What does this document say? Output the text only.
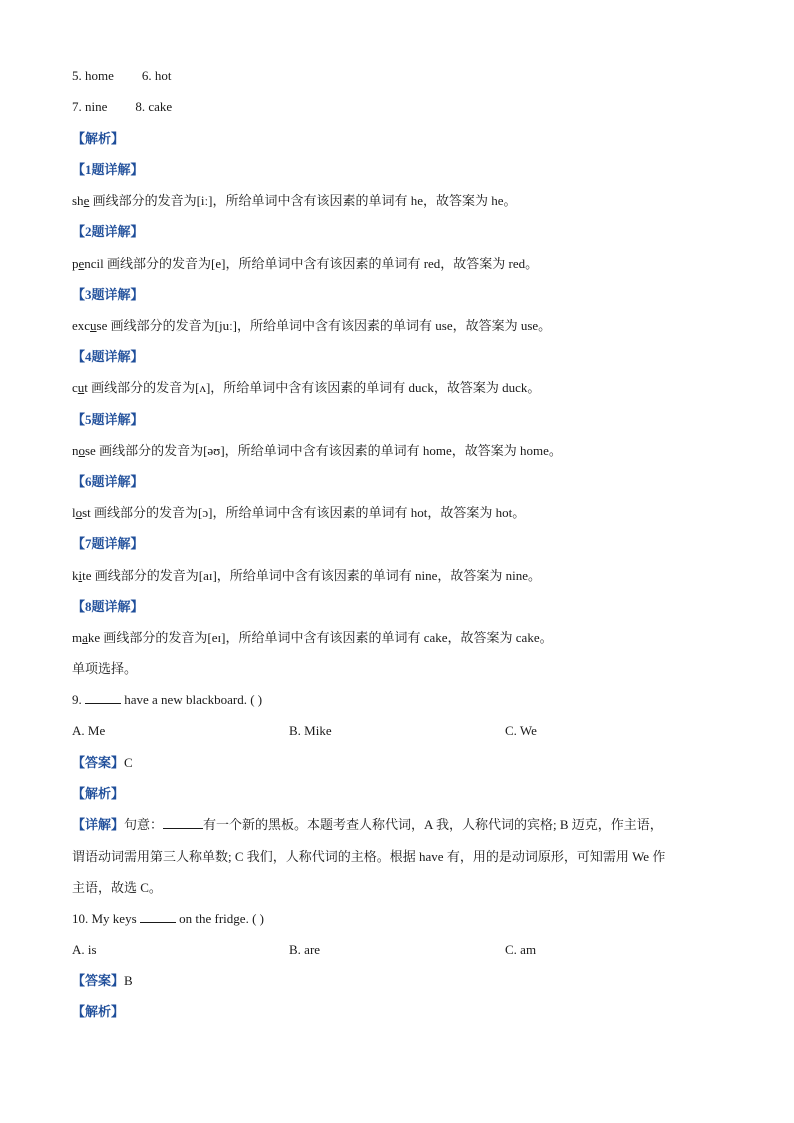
5. home 6. hot
7. nine 8. cake
【解析】
【1题详解】
she 画线部分的发音为[iː]，所给单词中含有该因素的单词有 he，故答案为 he。
【2题详解】
pencil 画线部分的发音为[e]，所给单词中含有该因素的单词有 red，故答案为 red。
【3题详解】
excuse 画线部分的发音为[juː]，所给单词中含有该因素的单词有 use，故答案为 use。
【4题详解】
cut 画线部分的发音为[ʌ]，所给单词中含有该因素的单词有 duck，故答案为 duck。
【5题详解】
nose 画线部分的发音为[əʊ]，所给单词中含有该因素的单词有 home，故答案为 home。
【6题详解】
lost 画线部分的发音为[ɔ]，所给单词中含有该因素的单词有 hot，故答案为 hot。
【7题详解】
kite 画线部分的发音为[aɪ]，所给单词中含有该因素的单词有 nine，故答案为 nine。
【8题详解】
make 画线部分的发音为[eɪ]，所给单词中含有该因素的单词有 cake，故答案为 cake。
单项选择。
9.	have a new blackboard. ( )
A. Me	B. Mike	C. We
【答案】C
【解析】
【详解】句意：	有一个新的黑板。本题考查人称代词，A 我，人称代词的宾格; B 迈克，作主语，
谓语动词需用第三人称单数; C 我们，人称代词的主格。根据 have 有，用的是动词原形，可知需用 We 作
主语，故选 C。
10. My keys	on the fridge. ( )
A. is	B. are	C. am
【答案】B
【解析】
